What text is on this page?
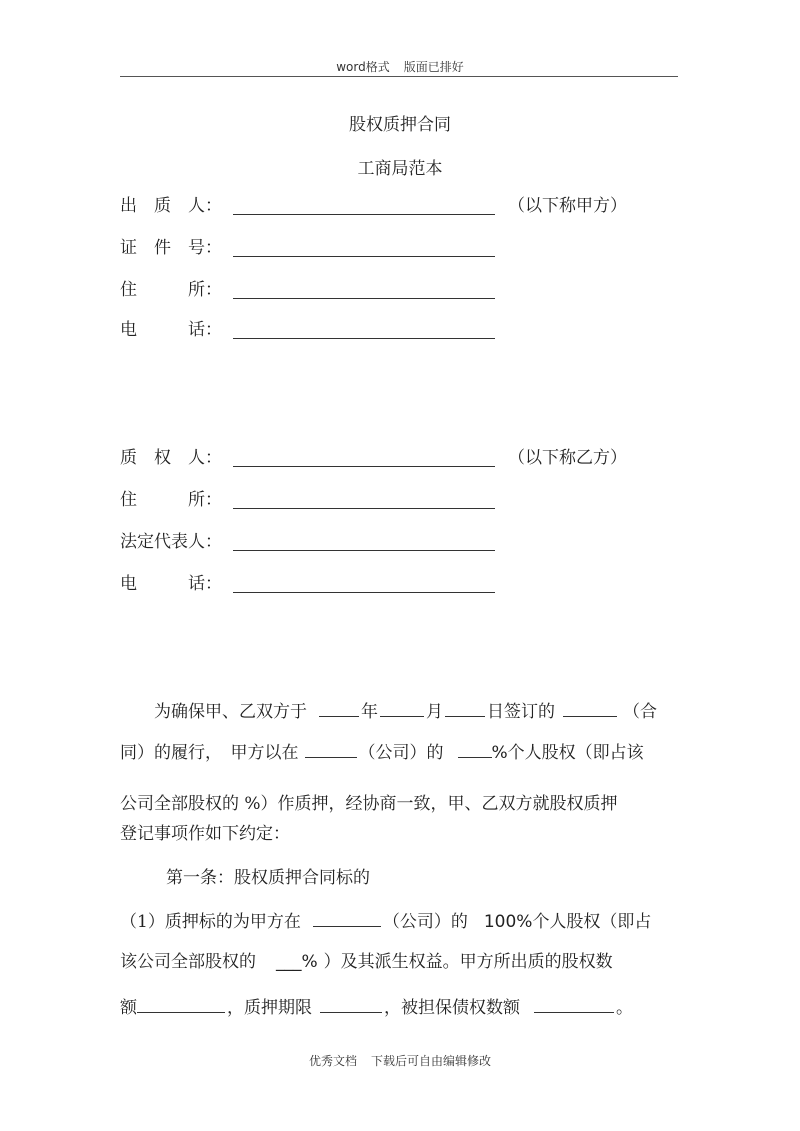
word格式 版面已排好
股权质押合同
工商局范本
出　质　人：	（以下称甲方）
证　件　号：
住　　　所：
电　　　话：
质　权　人：	（以下称乙方）
住　　　所：
法定代表人：
电　　　话：
为确保甲、乙双方于	年	月	日签订的	（合
同）的履行，　甲方以在	（公司）的	%个人股权（即占该
公司全部股权的 %）作质押，经协商一致，甲、乙双方就股权质押
登记事项作如下约定：
第一条：股权质押合同标的
（1）质押标的为甲方在	（公司）的 100%个人股权（即占
该公司全部股权的 ___% ）及其派生权益。甲方所出质的股权数
额	，质押期限	，被担保债权数额	。
优秀文档 下载后可自由编辑修改
